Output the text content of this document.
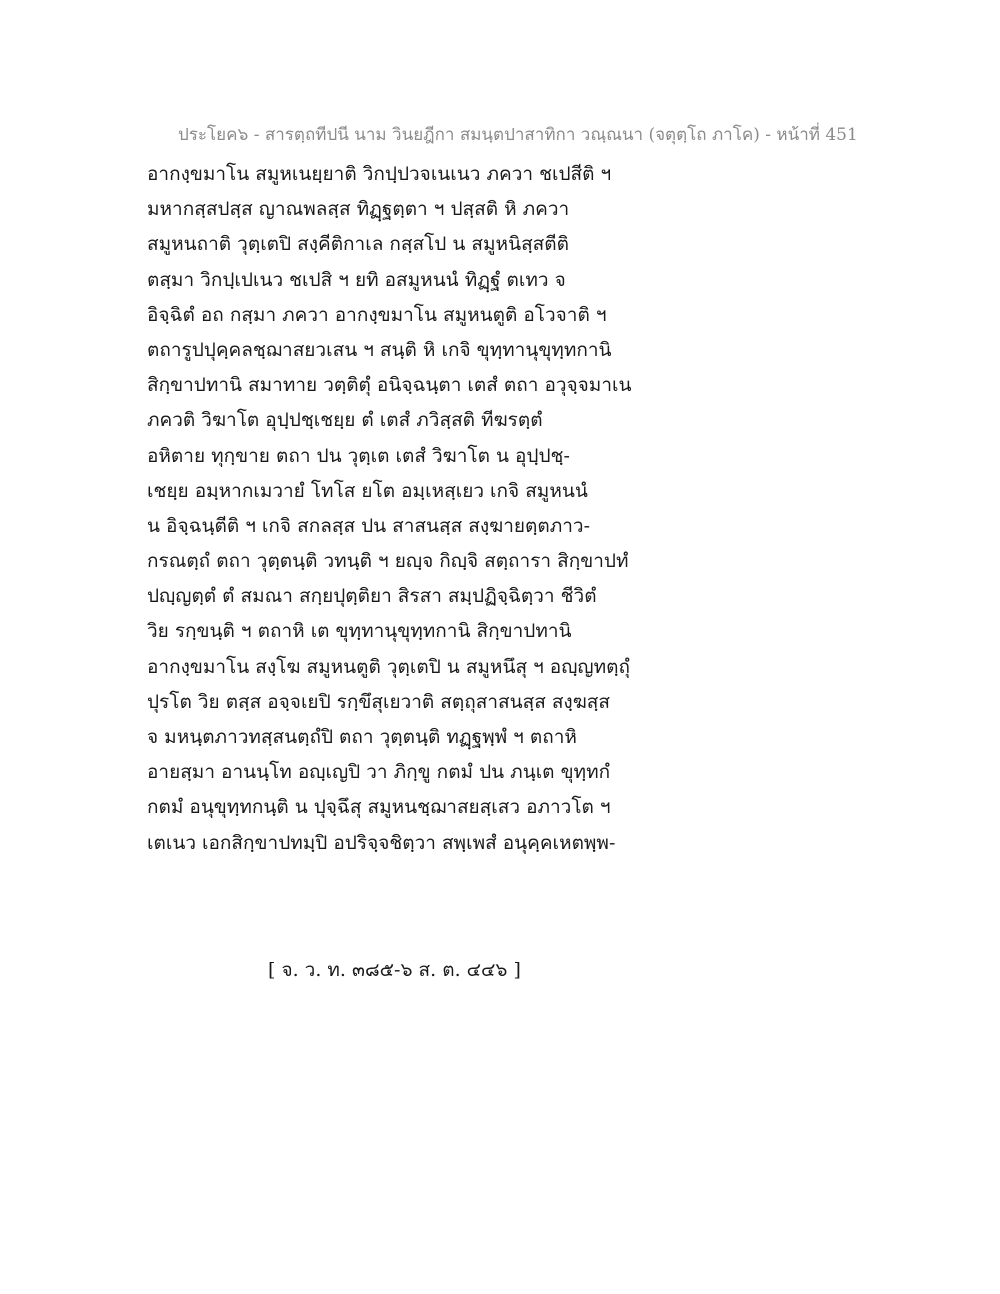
ประโยค๖ - สารตฺถทีปนี นาม วินยฎีกา สมนฺตปาสาทิกา วณฺณนา (จตุตฺโถ ภาโค) - หน้าที่ 451
อากงฺขมาโน สมูหเนยฺยาติ วิกปฺปวจเนเนว ภควา ชเปสีติ ฯ
มหากสฺสปสฺส ญาณพลสฺส ทิฏฺฐตฺตา ฯ ปสฺสติ หิ ภควา
สมูหนถาติ วุตฺเตปิ สงฺคีติกาเล กสฺสโป น สมูหนิสฺสตีติ
ตสฺมา วิกปฺเปเนว ชเปสิ ฯ ยทิ อสมูหนนํ ทิฏฺฐํ ตเทว จ
อิจฺฉิตํ อถ กสฺมา ภควา อากงฺขมาโน สมูหนตูติ อโวจาติ ฯ
ตถารูปปุคฺคลชฺฌาสยวเสน ฯ สนฺติ หิ เกจิ ขุทฺทานุขุทฺทกานิ
สิกฺขาปทานิ สมาทาย วตฺติตุํ อนิจฺฉนฺตา เตสํ ตถา อวุจฺจมาเน
ภควติ วิฆาโต อุปฺปชฺเชยฺย ตํ เตสํ ภวิสฺสติ ทีฆรตฺตํ
อหิตาย ทุกฺขาย ตถา ปน วุตฺเต เตสํ วิฆาโต น อุปฺปชฺ-
เชยฺย อมฺหากเมวายํ โทโส ยโต อมฺเหสฺเยว เกจิ สมูหนนํ
น อิจฺฉนฺตีติ ฯ เกจิ สกลสฺส ปน สาสนสฺส สงฺฆายตฺตภาว-
กรณตฺถํ ตถา วุตฺตนฺติ วทนฺติ ฯ ยญฺจ กิญฺจิ สตฺถารา สิกฺขาปทํ
ปญฺญตฺตํ ตํ สมณา สกฺยปุตฺติยา สิรสา สมฺปฏิจฺฉิตฺวา ชีวิตํ
วิย รกฺขนฺติ ฯ ตถาหิ เต ขุทฺทานุขุทฺทกานิ สิกฺขาปทานิ
อากงฺขมาโน สงฺโฆ สมูหนตูติ วุตฺเตปิ น สมูหนึสุ ฯ อญฺญทตฺถุํ
ปุรโต วิย ตสฺส อจฺจเยปิ รกฺขึสุเยวาติ สตฺถุสาสนสฺส สงฺฆสฺส
จ มหนฺตภาวทสฺสนตฺถํปิ ตถา วุตฺตนฺติ ทฏฺฐพฺพํ ฯ ตถาหิ
อายสฺมา อานนฺโท อญฺเญปิ วา ภิกฺขู กตมํ ปน ภนฺเต ขุทฺทกํ
กตมํ อนุขุทฺทกนฺติ น ปุจฺฉึสุ สมูหนชฺฌาสยสฺเสว อภาวโต ฯ
เตเนว เอกสิกฺขาปทมฺปิ อปริจฺจชิตฺวา สพฺเพสํ อนุคฺคเหตพฺพ-
[ จ. ว. ท. ๓๘๕-๖ ส. ต. ๔๔๖ ]
